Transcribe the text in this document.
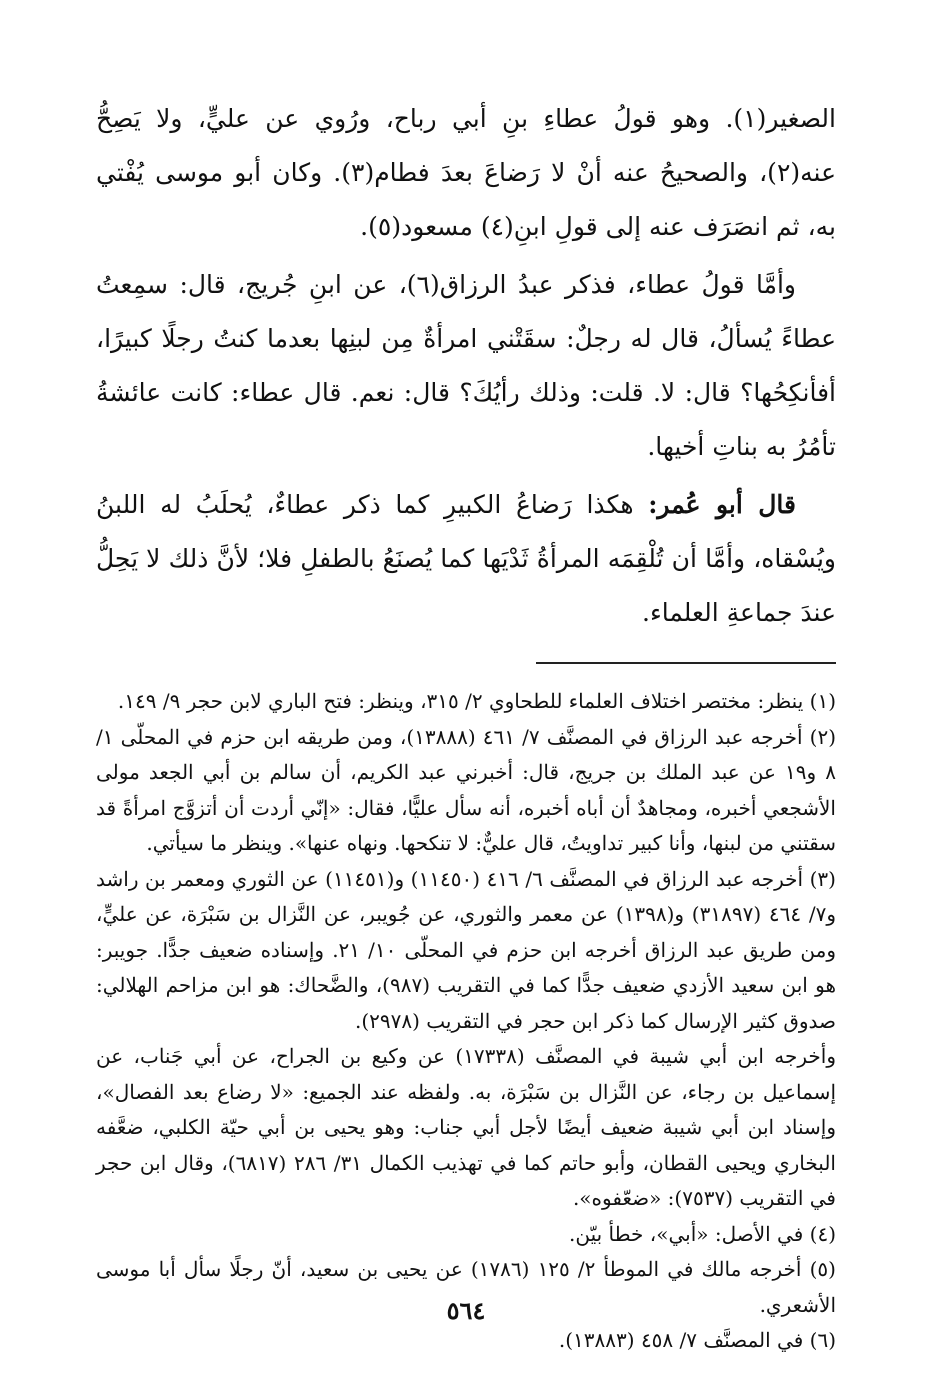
الصغير(١). وهو قولُ عطاءِ بنِ أبي رباح، ورُوي عن عليٍّ، ولا يَصِحُّ عنه(٢)، والصحيحُ عنه أنْ لا رَضاعَ بعدَ فطام(٣). وكان أبو موسى يُفْتي به، ثم انصَرَف عنه إلى قولِ ابنِ(٤) مسعود(٥).

وأمَّا قولُ عطاء، فذكر عبدُ الرزاق(٦)، عن ابنِ جُريج، قال: سمِعتُ عطاءً يُسألُ، قال له رجلٌ: سقَتْني امرأةٌ مِن لبنِها بعدما كنتُ رجلًا كبيرًا، أفأنكِحُها؟ قال: لا. قلت: وذلك رأيُكَ؟ قال: نعم. قال عطاء: كانت عائشةُ تأمُرُ به بناتِ أخيها.

قال أبو عُمر: هكذا رَضاعُ الكبيرِ كما ذكر عطاءٌ، يُحلَبُ له اللبنُ ويُسْقاه، وأمَّا أن تُلْقِمَه المرأةُ ثَدْيَها كما يُصنَعُ بالطفلِ فلا؛ لأنَّ ذلك لا يَحِلُّ عندَ جماعةِ العلماء.

(١) ينظر: مختصر اختلاف العلماء للطحاوي ٢/ ٣١٥، وينظر: فتح الباري لابن حجر ٩/ ١٤٩.

(٢) أخرجه عبد الرزاق في المصنَّف ٧/ ٤٦١ (١٣٨٨٨)، ومن طريقه ابن حزم في المحلّى ١/ ٨ و١٩ عن عبد الملك بن جريج، قال: أخبرني عبد الكريم، أن سالم بن أبي الجعد مولى الأشجعي أخبره، ومجاهدٌ أن أباه أخبره، أنه سأل عليًّا، فقال: «إنّي أردت أن أتزوَّج امرأةً قد سقتني من لبنها، وأنا كبير تداويتُ، قال عليٌّ: لا تنكحها. ونهاه عنها». وينظر ما سيأتي.

(٣) أخرجه عبد الرزاق في المصنَّف ٦/ ٤١٦ (١١٤٥٠) و(١١٤٥١) عن الثوري ومعمر بن راشد و٧/ ٤٦٤ (٣١٨٩٧) و(١٣٩٨) عن معمر والثوري، عن جُويبر، عن النَّزال بن سَبْرَة، عن عليٍّ، ومن طريق عبد الرزاق أخرجه ابن حزم في المحلّى ١٠/ ٢١. وإسناده ضعيف جدًّا. جويبر: هو ابن سعيد الأزدي ضعيف جدًّا كما في التقريب (٩٨٧)، والضَّحاك: هو ابن مزاحم الهلالي: صدوق كثير الإرسال كما ذكر ابن حجر في التقريب (٢٩٧٨).

وأخرجه ابن أبي شيبة في المصنَّف (١٧٣٣٨) عن وكيع بن الجراح، عن أبي جَناب، عن إسماعيل بن رجاء، عن النَّزال بن سَبْرَة، به. ولفظه عند الجميع: «لا رضاع بعد الفصال»، وإسناد ابن أبي شيبة ضعيف أيضًا لأجل أبي جناب: وهو يحيى بن أبي حيّة الكلبي، ضعَّفه البخاري ويحيى القطان، وأبو حاتم كما في تهذيب الكمال ٣١/ ٢٨٦ (٦٨١٧)، وقال ابن حجر في التقريب (٧٥٣٧): «ضعّفوه».

(٤) في الأصل: «أبي»، خطأ بيّن.

(٥) أخرجه مالك في الموطأ ٢/ ١٢٥ (١٧٨٦) عن يحيى بن سعيد، أنّ رجلًا سأل أبا موسى الأشعري.

(٦) في المصنَّف ٧/ ٤٥٨ (١٣٨٨٣).

٥٦٤
